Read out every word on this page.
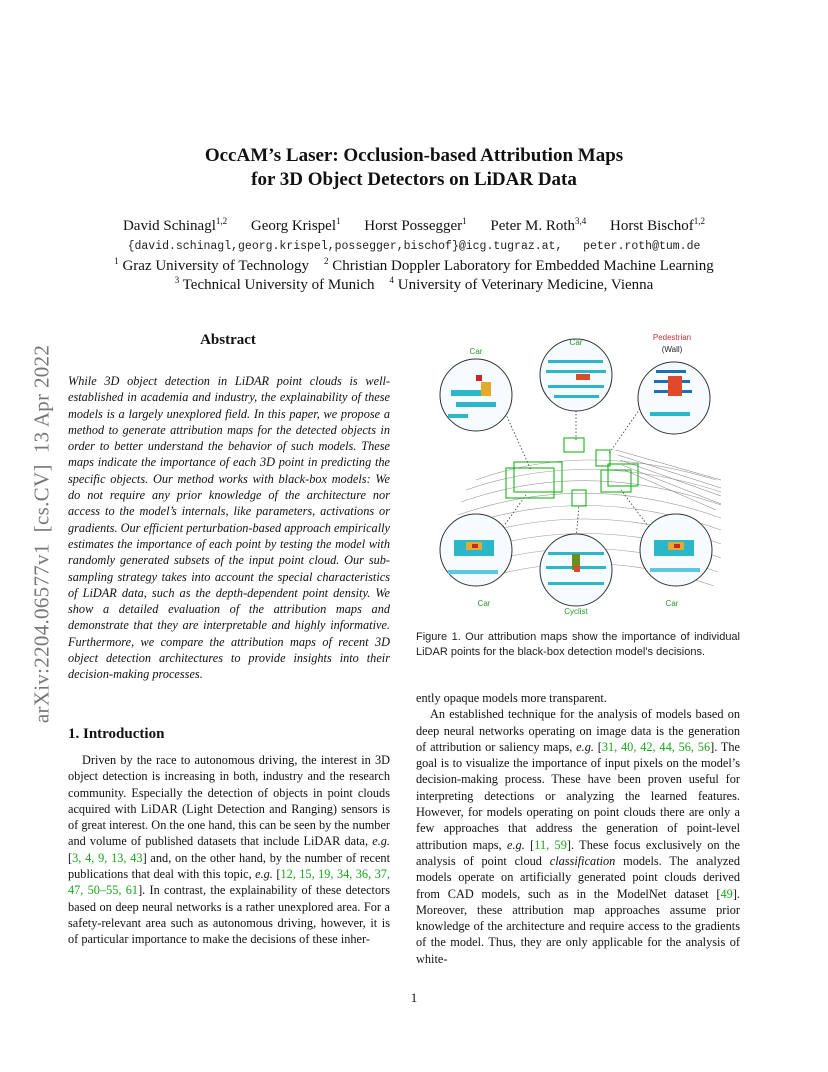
OccAM’s Laser: Occlusion-based Attribution Maps
for 3D Object Detectors on LiDAR Data
David Schinagl$^{1,2}$ Georg Krispel$^1$ Horst Possegger$^1$ Peter M. Roth$^{3,4}$ Horst Bischof$^{1,2}$
{david.schinagl,georg.krispel,possegger,bischof}@icg.tugraz.at,   peter.roth@tum.de
$^1$ Graz University of Technology $^2$ Christian Doppler Laboratory for Embedded Machine Learning
$^3$ Technical University of Munich $^4$ University of Veterinary Medicine, Vienna
arXiv:2204.06577v1  [cs.CV]  13 Apr 2022
Abstract
While 3D object detection in LiDAR point clouds is well-established in academia and industry, the explainability of these models is a largely unexplored field. In this paper, we propose a method to generate attribution maps for the detected objects in order to better understand the behavior of such models. These maps indicate the importance of each 3D point in predicting the specific objects. Our method works with black-box models: We do not require any prior knowledge of the architecture nor access to the model’s internals, like parameters, activations or gradients. Our efficient perturbation-based approach empirically estimates the importance of each point by testing the model with randomly generated subsets of the input point cloud. Our sub-sampling strategy takes into account the special characteristics of LiDAR data, such as the depth-dependent point density. We show a detailed evaluation of the attribution maps and demonstrate that they are interpretable and highly informative. Furthermore, we compare the attribution maps of recent 3D object detection architectures to provide insights into their decision-making processes.
1. Introduction

Driven by the race to autonomous driving, the interest in 3D object detection is increasing in both, industry and the research community. Especially the detection of objects in point clouds acquired with LiDAR (Light Detection and Ranging) sensors is of great interest. On the one hand, this can be seen by the number and volume of published datasets that include LiDAR data, e.g. [3, 4, 9, 13, 43] and, on the other hand, by the number of recent publications that deal with this topic, e.g. [12, 15, 19, 34, 36, 37, 47, 50–55, 61]. In contrast, the explainability of these detectors based on deep neural networks is a rather unexplored area. For a safety-relevant area such as autonomous driving, however, it is of particular importance to make the decisions of these inher-

Car
Car
Pedestrian
(Wall)
Car
Cyclist
Car
Figure 1. Our attribution maps show the importance of individual LiDAR points for the black-box detection model’s decisions.

ently opaque models more transparent.

An established technique for the analysis of models based on deep neural networks operating on image data is the generation of attribution or saliency maps, e.g. [31, 40, 42, 44, 56, 56]. The goal is to visualize the importance of input pixels on the model’s decision-making process. These have been proven useful for interpreting detections or analyzing the learned features. However, for models operating on point clouds there are only a few approaches that address the generation of point-level attribution maps, e.g. [11, 59]. These focus exclusively on the analysis of point cloud classification models. The analyzed models operate on artificially generated point clouds derived from CAD models, such as in the ModelNet dataset [49]. Moreover, these attribution map approaches assume prior knowledge of the architecture and require access to the gradients of the model. Thus, they are only applicable for the analysis of white-

1
